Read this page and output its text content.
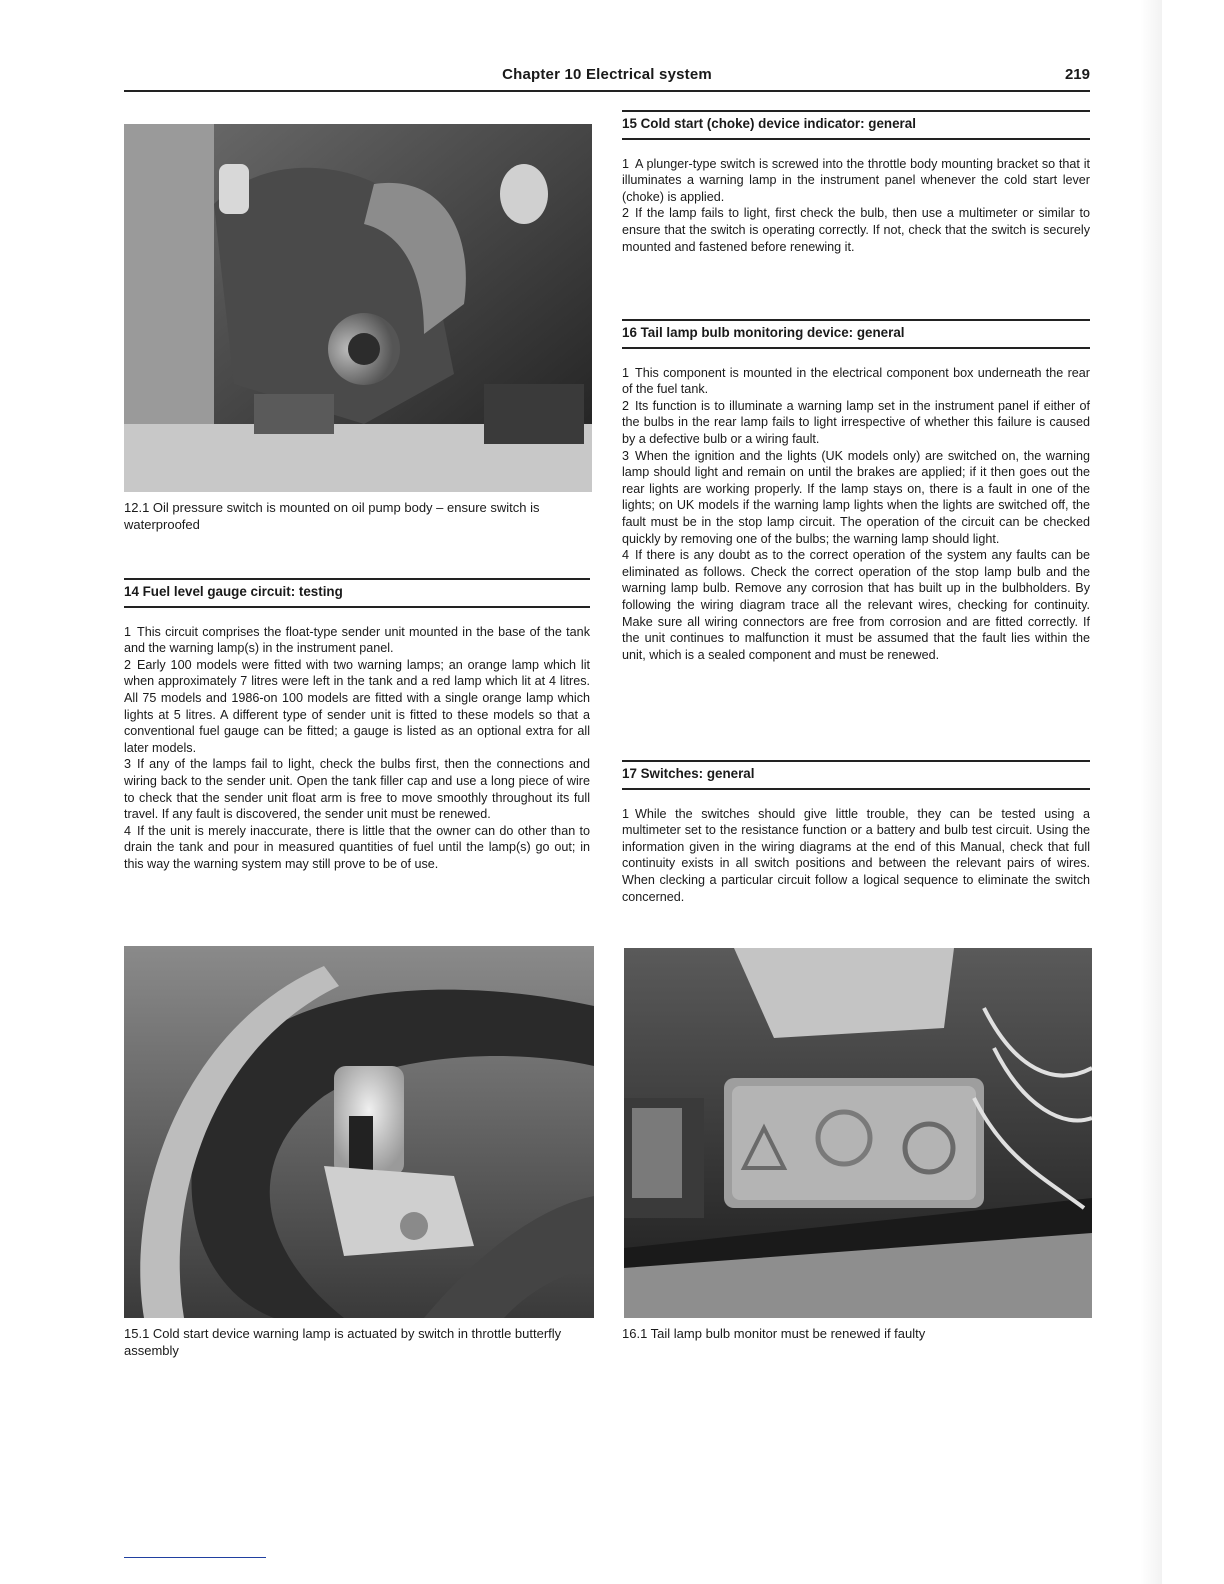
Chapter 10 Electrical system	219
12.1 Oil pressure switch is mounted on oil pump body – ensure switch is waterproofed
14 Fuel level gauge circuit: testing

1 This circuit comprises the float-type sender unit mounted in the base of the tank and the warning lamp(s) in the instrument panel.

2 Early 100 models were fitted with two warning lamps; an orange lamp which lit when approximately 7 litres were left in the tank and a red lamp which lit at 4 litres. All 75 models and 1986-on 100 models are fitted with a single orange lamp which lights at 5 litres. A different type of sender unit is fitted to these models so that a conventional fuel gauge can be fitted; a gauge is listed as an optional extra for all later models.

3 If any of the lamps fail to light, check the bulbs first, then the connections and wiring back to the sender unit. Open the tank filler cap and use a long piece of wire to check that the sender unit float arm is free to move smoothly throughout its full travel. If any fault is discovered, the sender unit must be renewed.

4 If the unit is merely inaccurate, there is little that the owner can do other than to drain the tank and pour in measured quantities of fuel until the lamp(s) go out; in this way the warning system may still prove to be of use.

15.1 Cold start device warning lamp is actuated by switch in throttle butterfly assembly
15 Cold start (choke) device indicator: general

1 A plunger-type switch is screwed into the throttle body mounting bracket so that it illuminates a warning lamp in the instrument panel whenever the cold start lever (choke) is applied.

2 If the lamp fails to light, first check the bulb, then use a multimeter or similar to ensure that the switch is operating correctly. If not, check that the switch is securely mounted and fastened before renewing it.

16 Tail lamp bulb monitoring device: general

1 This component is mounted in the electrical component box underneath the rear of the fuel tank.

2 Its function is to illuminate a warning lamp set in the instrument panel if either of the bulbs in the rear lamp fails to light irrespective of whether this failure is caused by a defective bulb or a wiring fault.

3 When the ignition and the lights (UK models only) are switched on, the warning lamp should light and remain on until the brakes are applied; if it then goes out the rear lights are working properly. If the lamp stays on, there is a fault in one of the lights; on UK models if the warning lamp lights when the lights are switched off, the fault must be in the stop lamp circuit. The operation of the circuit can be checked quickly by removing one of the bulbs; the warning lamp should light.

4 If there is any doubt as to the correct operation of the system any faults can be eliminated as follows. Check the correct operation of the stop lamp bulb and the warning lamp bulb. Remove any corrosion that has built up in the bulbholders. By following the wiring diagram trace all the relevant wires, checking for continuity. Make sure all wiring connectors are free from corrosion and are fitted correctly. If the unit continues to malfunction it must be assumed that the fault lies within the unit, which is a sealed component and must be renewed.

17 Switches: general

1 While the switches should give little trouble, they can be tested using a multimeter set to the resistance function or a battery and bulb test circuit. Using the information given in the wiring diagrams at the end of this Manual, check that full continuity exists in all switch positions and between the relevant pairs of wires. When clecking a particular circuit follow a logical sequence to eliminate the switch concerned.

16.1 Tail lamp bulb monitor must be renewed if faulty
